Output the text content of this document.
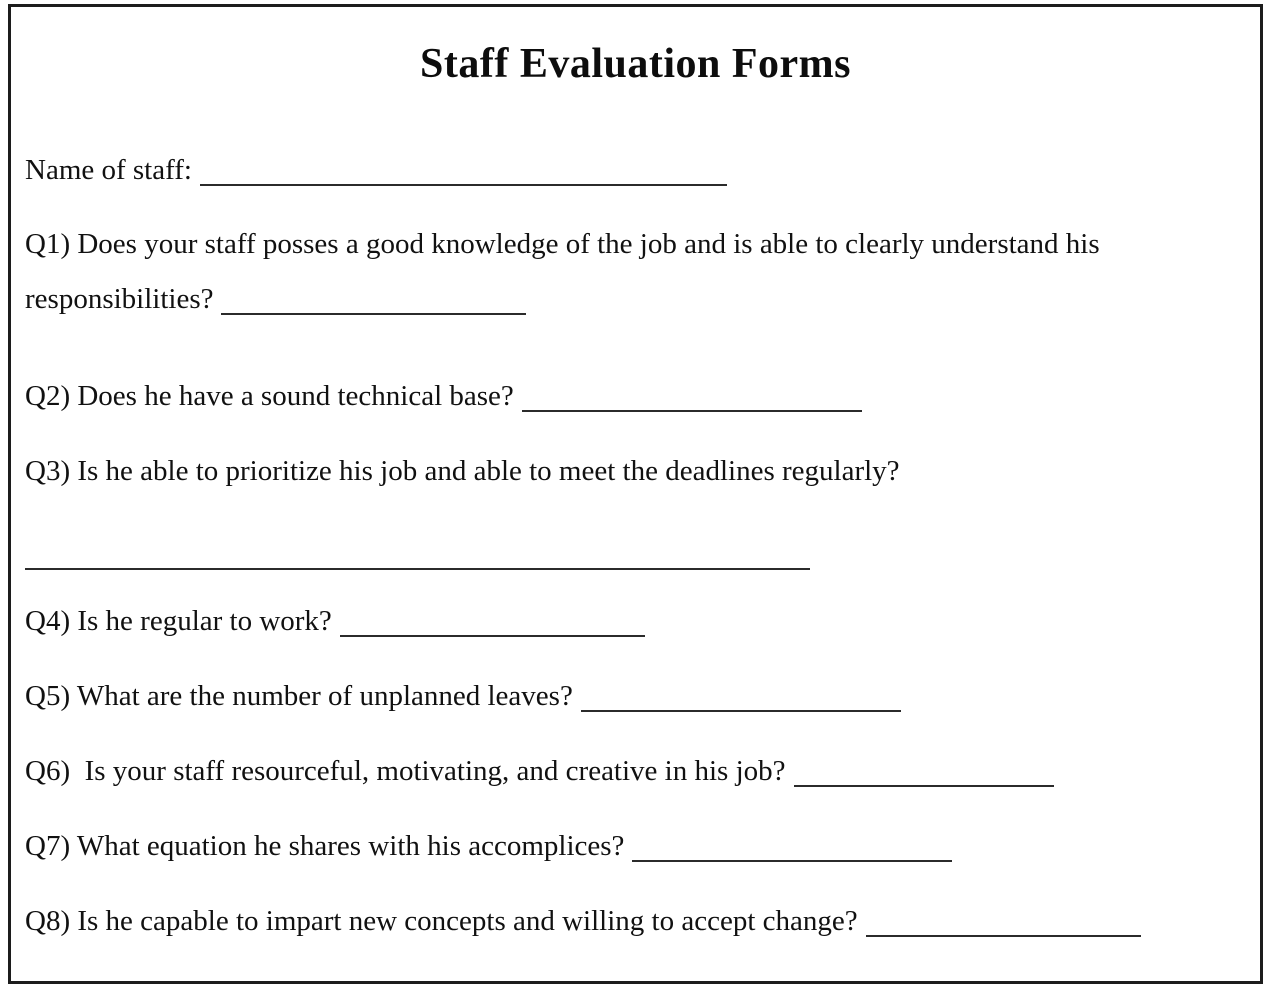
Staff Evaluation Forms
Name of staff:
Q1) Does your staff posses a good knowledge of the job and is able to clearly understand his
responsibilities?
Q2) Does he have a sound technical base?
Q3) Is he able to prioritize his job and able to meet the deadlines regularly?
Q4) Is he regular to work?
Q5) What are the number of unplanned leaves?
Q6)  Is your staff resourceful, motivating, and creative in his job?
Q7) What equation he shares with his accomplices?
Q8) Is he capable to impart new concepts and willing to accept change?
